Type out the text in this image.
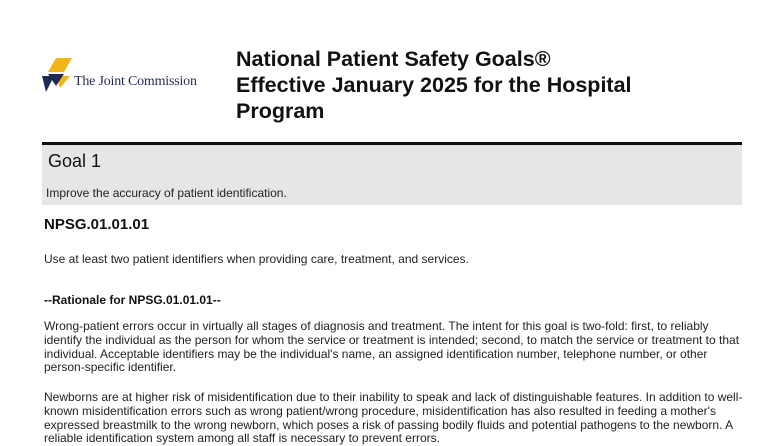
The Joint Commission
National Patient Safety Goals®
Effective January 2025 for the Hospital
Program
Goal 1
Improve the accuracy of patient identification.
NPSG.01.01.01
Use at least two patient identifiers when providing care, treatment, and services.
--Rationale for NPSG.01.01.01--

Wrong-patient errors occur in virtually all stages of diagnosis and treatment. The intent for this goal is two-fold: first, to reliably identify the individual as the person for whom the service or treatment is intended; second, to match the service or treatment to that individual. Acceptable identifiers may be the individual's name, an assigned identification number, telephone number, or other person-specific identifier.

Newborns are at higher risk of misidentification due to their inability to speak and lack of distinguishable features. In addition to well-known misidentification errors such as wrong patient/wrong procedure, misidentification has also resulted in feeding a mother's expressed breastmilk to the wrong newborn, which poses a risk of passing bodily fluids and potential pathogens to the newborn. A reliable identification system among all staff is necessary to prevent errors.
